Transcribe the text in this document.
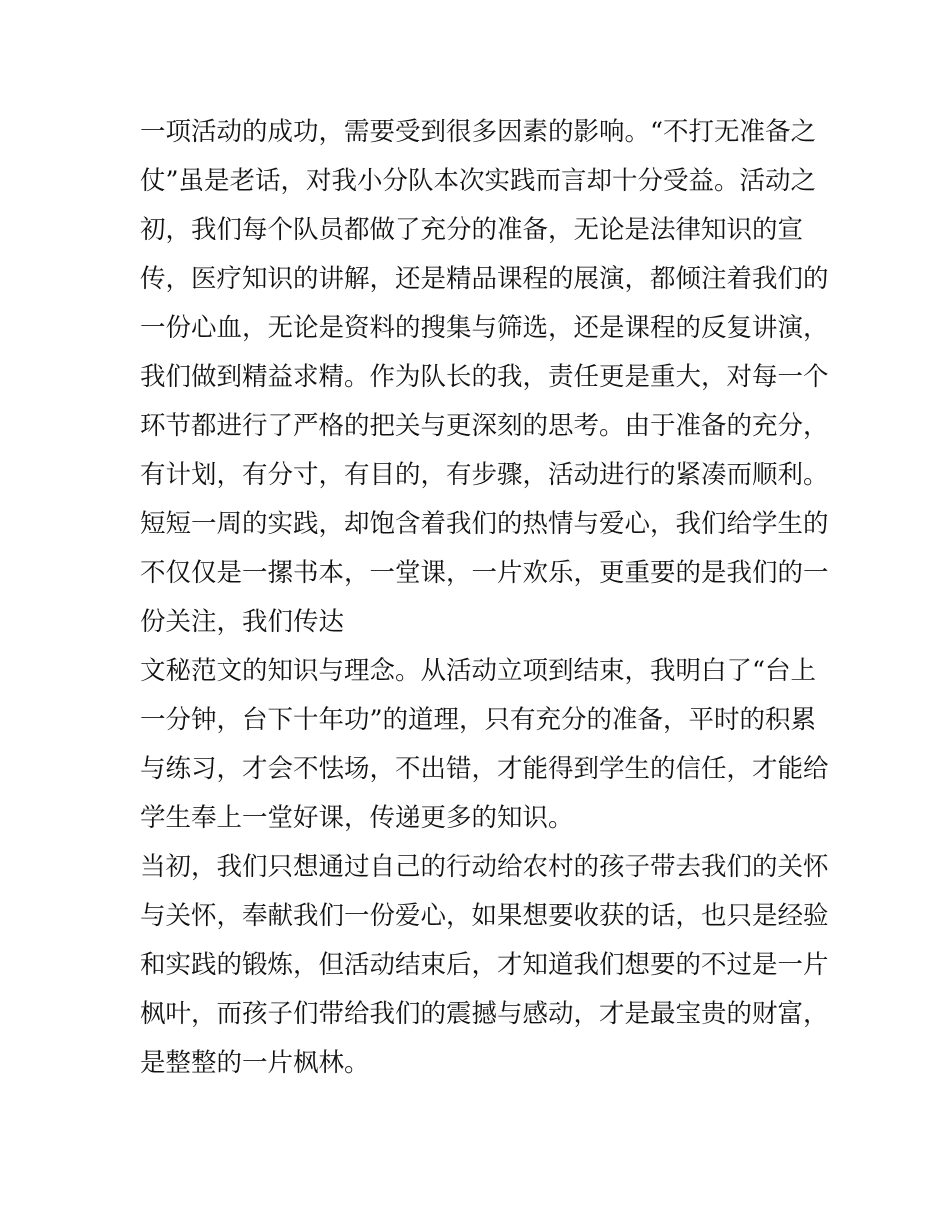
一项活动的成功，需要受到很多因素的影响。“不打无准备之
仗”虽是老话，对我小分队本次实践而言却十分受益。活动之
初，我们每个队员都做了充分的准备，无论是法律知识的宣
传，医疗知识的讲解，还是精品课程的展演，都倾注着我们的
一份心血，无论是资料的搜集与筛选，还是课程的反复讲演，
我们做到精益求精。作为队长的我，责任更是重大，对每一个
环节都进行了严格的把关与更深刻的思考。由于准备的充分，
有计划，有分寸，有目的，有步骤，活动进行的紧凑而顺利。
短短一周的实践，却饱含着我们的热情与爱心，我们给学生的
不仅仅是一摞书本，一堂课，一片欢乐，更重要的是我们的一
份关注，我们传达
文秘范文的知识与理念。从活动立项到结束，我明白了“台上
一分钟，台下十年功”的道理，只有充分的准备，平时的积累
与练习，才会不怯场，不出错，才能得到学生的信任，才能给
学生奉上一堂好课，传递更多的知识。
当初，我们只想通过自己的行动给农村的孩子带去我们的关怀
与关怀，奉献我们一份爱心，如果想要收获的话，也只是经验
和实践的锻炼，但活动结束后，才知道我们想要的不过是一片
枫叶，而孩子们带给我们的震撼与感动，才是最宝贵的财富，
是整整的一片枫林。
